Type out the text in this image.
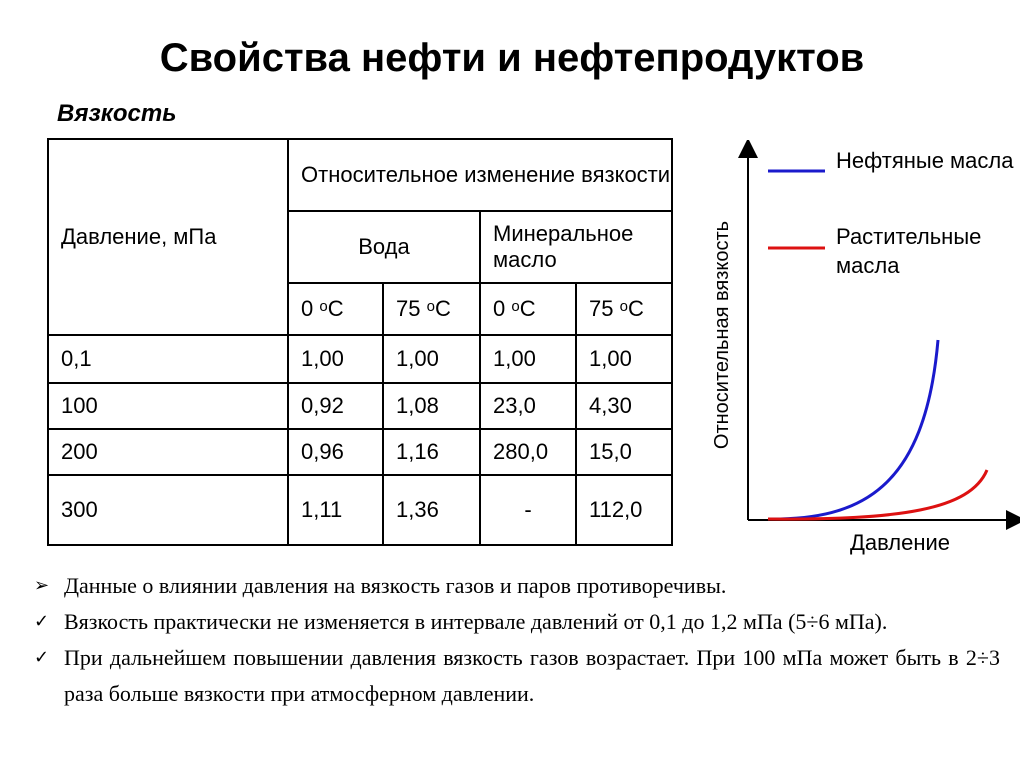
Свойства нефти и нефтепродуктов
Вязкость
Давление, мПа	Относительное изменение вязкости			
	Вода		Минеральное масло	
	0 $^o$C	75 $^o$C	0 $^o$C	75 $^o$C
0,1	1,00	1,00	1,00	1,00
100	0,92	1,08	23,0	4,30
200	0,96	1,16	280,0	15,0
300	1,11	1,36	-	112,0
Относительная вязкость
Давление
Нефтяные масла
Растительные масла
➢ Данные о влиянии давления на вязкость газов и паров противоречивы.
✓ Вязкость практически не изменяется в интервале давлений от 0,1 до 1,2 мПа (5÷6 мПа).
✓ При дальнейшем повышении давления вязкость газов возрастает. При 100 мПа может быть в 2÷3 раза больше вязкости при атмосферном давлении.
